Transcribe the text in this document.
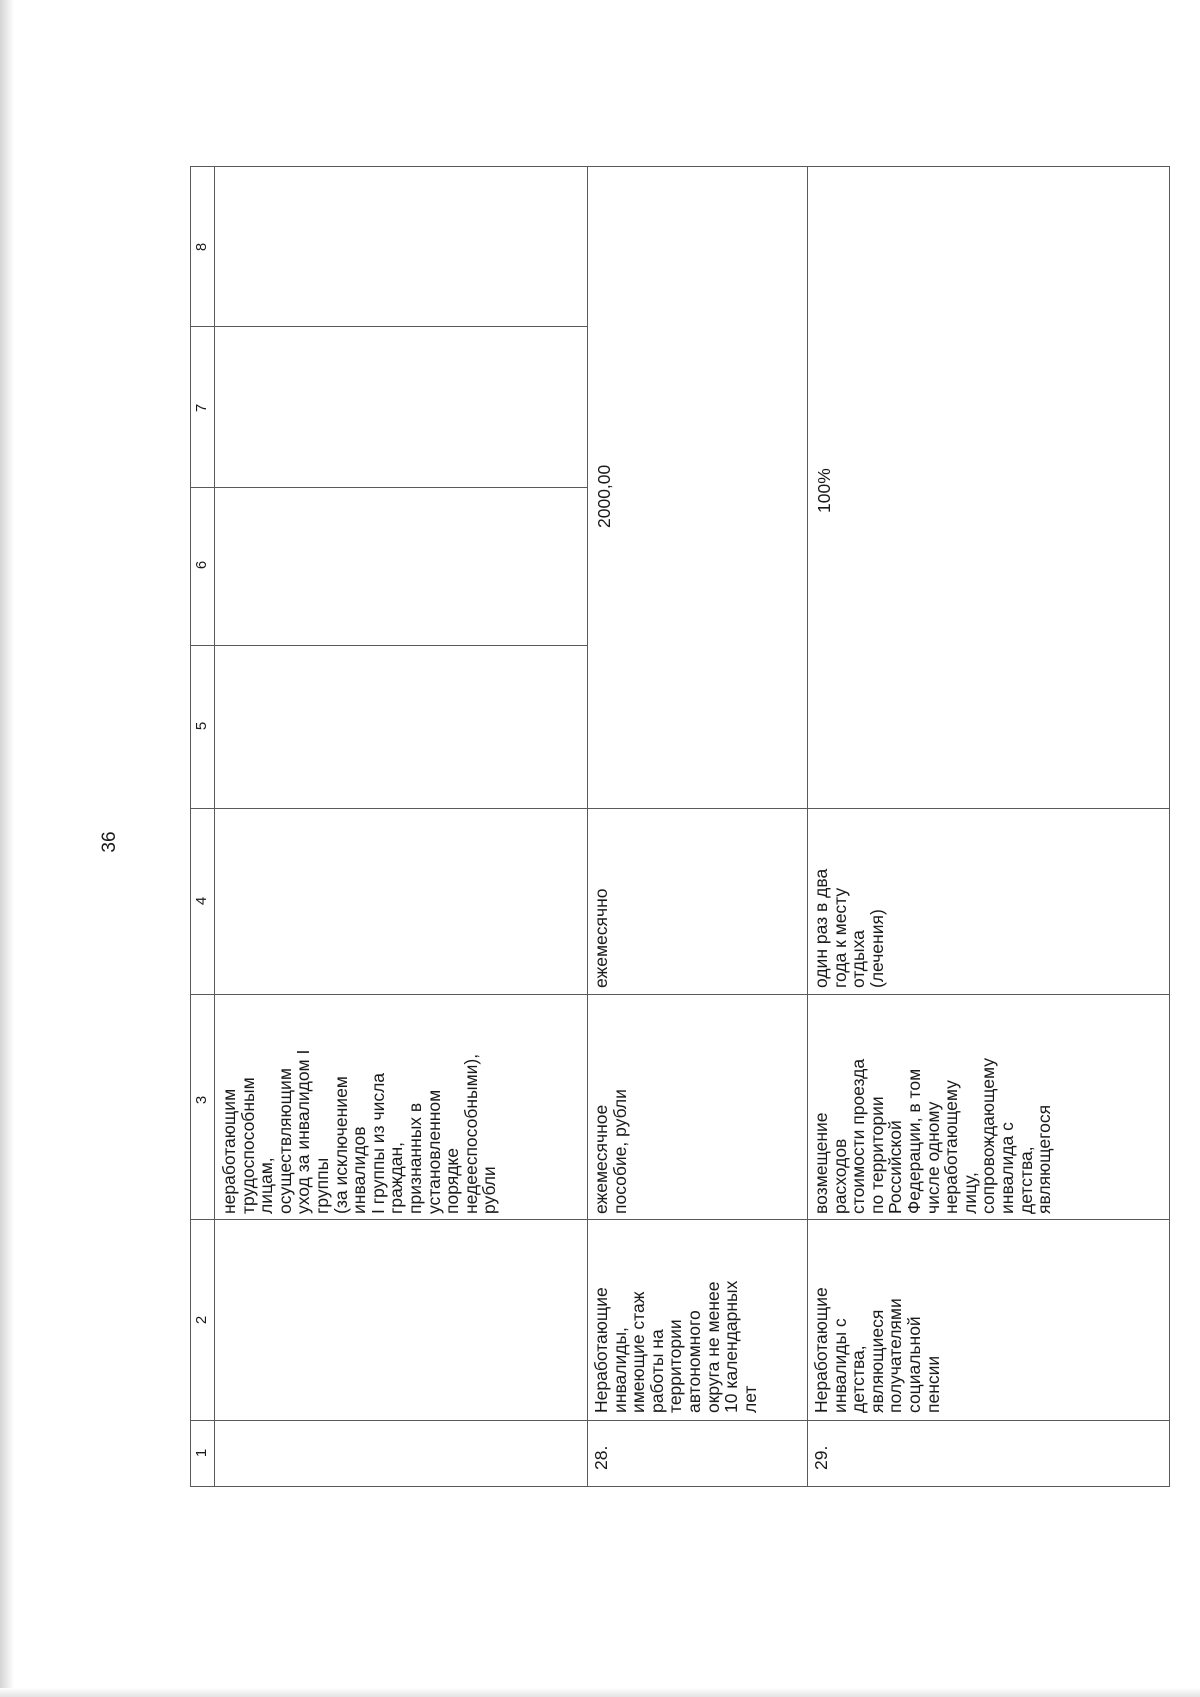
36
1
2
3
4
5
6
7
8
неработающим
трудоспособным
лицам,
осуществляющим
уход за инвалидом I
группы
(за исключением
инвалидов
I группы из числа
граждан,
признанных в
установленном
порядке
недееспособными),
рубли
28.
Неработающие
инвалиды,
имеющие стаж
работы на
территории
автономного
округа не менее
10 календарных
лет
ежемесячное
пособие, рубли
ежемесячно
2000,00
29.
Неработающие
инвалиды с
детства,
являющиеся
получателями
социальной
пенсии
возмещение
расходов
стоимости проезда
по территории
Российской
Федерации, в том
числе одному
неработающему
лицу,
сопровождающему
инвалида с
детства,
являющегося
один раз в два
года к месту
отдыха
(лечения)
100%
